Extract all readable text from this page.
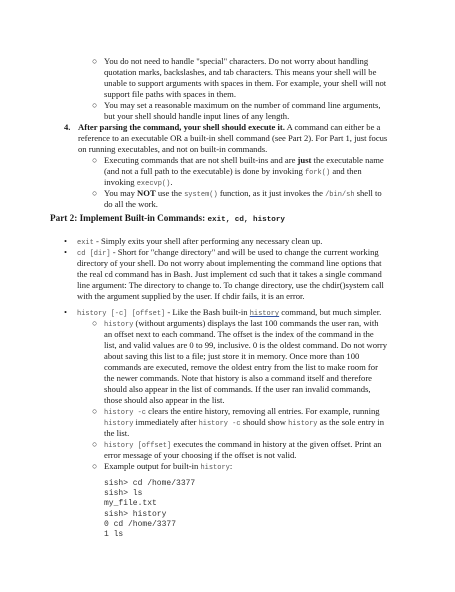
○ You do not need to handle "special" characters. Do not worry about handling
quotation marks, backslashes, and tab characters. This means your shell will be
unable to support arguments with spaces in them. For example, your shell will not
support file paths with spaces in them.
○ You may set a reasonable maximum on the number of command line arguments,
but your shell should handle input lines of any length.
4. After parsing the command, your shell should execute it. A command can either be a
reference to an executable OR a built-in shell command (see Part 2). For Part 1, just focus
on running executables, and not on built-in commands.
○ Executing commands that are not shell built-ins and are just the executable name
(and not a full path to the executable) is done by invoking fork() and then
invoking execvp().
○ You may NOT use the system() function, as it just invokes the /bin/sh shell to
do all the work.
Part 2: Implement Built-in Commands: exit, cd, history
• exit - Simply exits your shell after performing any necessary clean up.
• cd [dir] - Short for "change directory" and will be used to change the current working
directory of your shell. Do not worry about implementing the command line options that
the real cd command has in Bash. Just implement cd such that it takes a single command
line argument: The directory to change to. To change directory, use the chdir()system call
with the argument supplied by the user. If chdir fails, it is an error.
• history [-c] [offset] - Like the Bash built-in history command, but much simpler.
○ history (without arguments) displays the last 100 commands the user ran, with
an offset next to each command. The offset is the index of the command in the
list, and valid values are 0 to 99, inclusive. 0 is the oldest command. Do not worry
about saving this list to a file; just store it in memory. Once more than 100
commands are executed, remove the oldest entry from the list to make room for
the newer commands. Note that history is also a command itself and therefore
should also appear in the list of commands. If the user ran invalid commands,
those should also appear in the list.
○ history -c clears the entire history, removing all entries. For example, running
history immediately after history -c should show history as the sole entry in
the list.
○ history [offset] executes the command in history at the given offset. Print an
error message of your choosing if the offset is not valid.
○ Example output for built-in history:
sish> cd /home/3377
sish> ls
my_file.txt
sish> history
0 cd /home/3377
1 ls
